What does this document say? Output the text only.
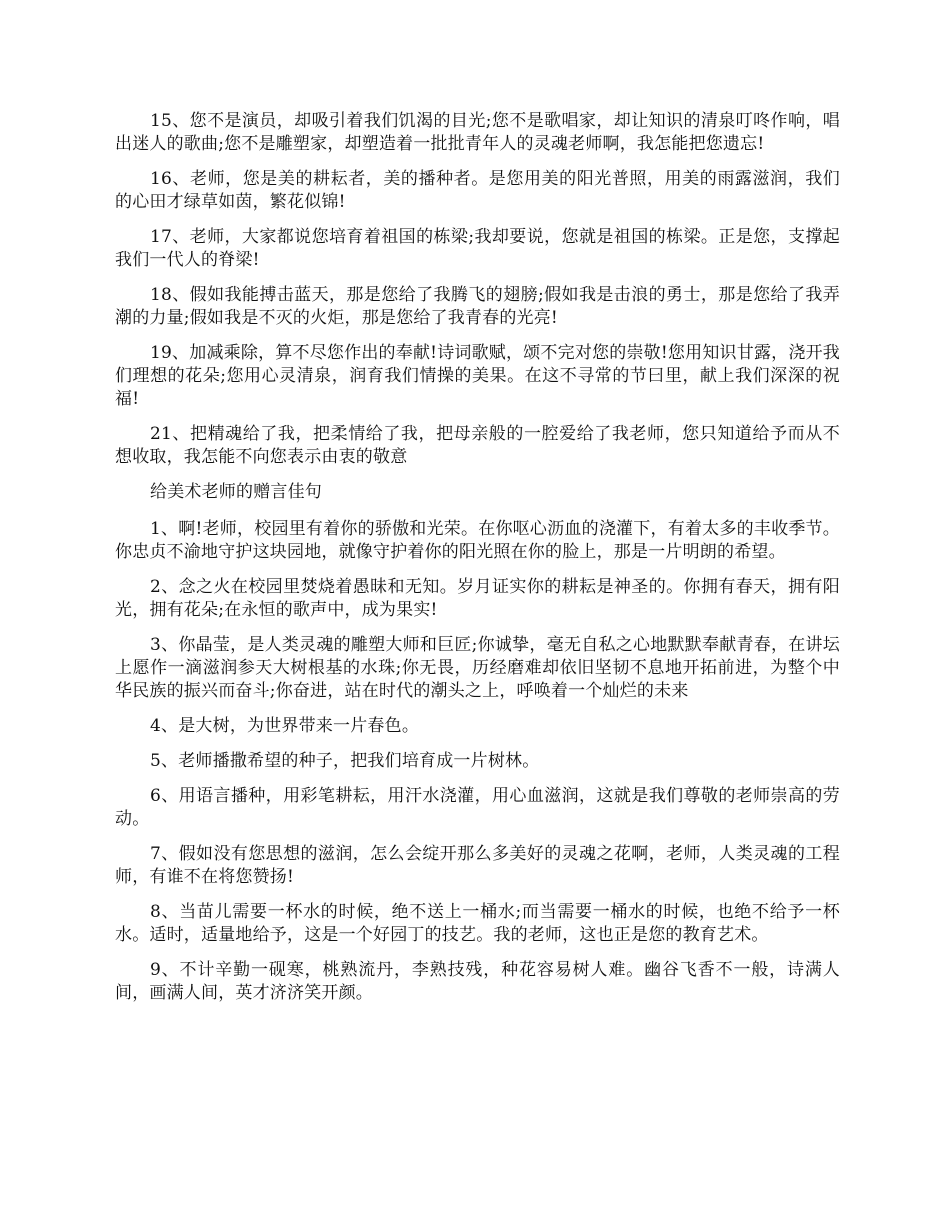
15、您不是演员，却吸引着我们饥渴的目光;您不是歌唱家，却让知识的清泉叮咚作响，唱出迷人的歌曲;您不是雕塑家，却塑造着一批批青年人的灵魂老师啊，我怎能把您遗忘!

16、老师，您是美的耕耘者，美的播种者。是您用美的阳光普照，用美的雨露滋润，我们的心田才绿草如茵，繁花似锦!

17、老师，大家都说您培育着祖国的栋梁;我却要说，您就是祖国的栋梁。正是您，支撑起我们一代人的脊梁!

18、假如我能搏击蓝天，那是您给了我腾飞的翅膀;假如我是击浪的勇士，那是您给了我弄潮的力量;假如我是不灭的火炬，那是您给了我青春的光亮!

19、加减乘除，算不尽您作出的奉献!诗词歌赋，颂不完对您的崇敬!您用知识甘露，浇开我们理想的花朵;您用心灵清泉，润育我们情操的美果。在这不寻常的节曰里，献上我们深深的祝福!

21、把精魂给了我，把柔情给了我，把母亲般的一腔爱给了我老师，您只知道给予而从不想收取，我怎能不向您表示由衷的敬意

给美术老师的赠言佳句

1、啊!老师，校园里有着你的骄傲和光荣。在你呕心沥血的浇灌下，有着太多的丰收季节。你忠贞不渝地守护这块园地，就像守护着你的阳光照在你的脸上，那是一片明朗的希望。

2、念之火在校园里焚烧着愚昧和无知。岁月证实你的耕耘是神圣的。你拥有春天，拥有阳光，拥有花朵;在永恒的歌声中，成为果实!

3、你晶莹，是人类灵魂的雕塑大师和巨匠;你诚挚，毫无自私之心地默默奉献青春，在讲坛上愿作一滴滋润参天大树根基的水珠;你无畏，历经磨难却依旧坚韧不息地开拓前进，为整个中华民族的振兴而奋斗;你奋进，站在时代的潮头之上，呼唤着一个灿烂的未来

4、是大树，为世界带来一片春色。

5、老师播撒希望的种子，把我们培育成一片树林。

6、用语言播种，用彩笔耕耘，用汗水浇灌，用心血滋润，这就是我们尊敬的老师崇高的劳动。

7、假如没有您思想的滋润，怎么会绽开那么多美好的灵魂之花啊，老师，人类灵魂的工程师，有谁不在将您赞扬!

8、当苗儿需要一杯水的时候，绝不送上一桶水;而当需要一桶水的时候，也绝不给予一杯水。适时，适量地给予，这是一个好园丁的技艺。我的老师，这也正是您的教育艺术。

9、不计辛勤一砚寒，桃熟流丹，李熟技残，种花容易树人难。幽谷飞香不一般，诗满人间，画满人间，英才济济笑开颜。
